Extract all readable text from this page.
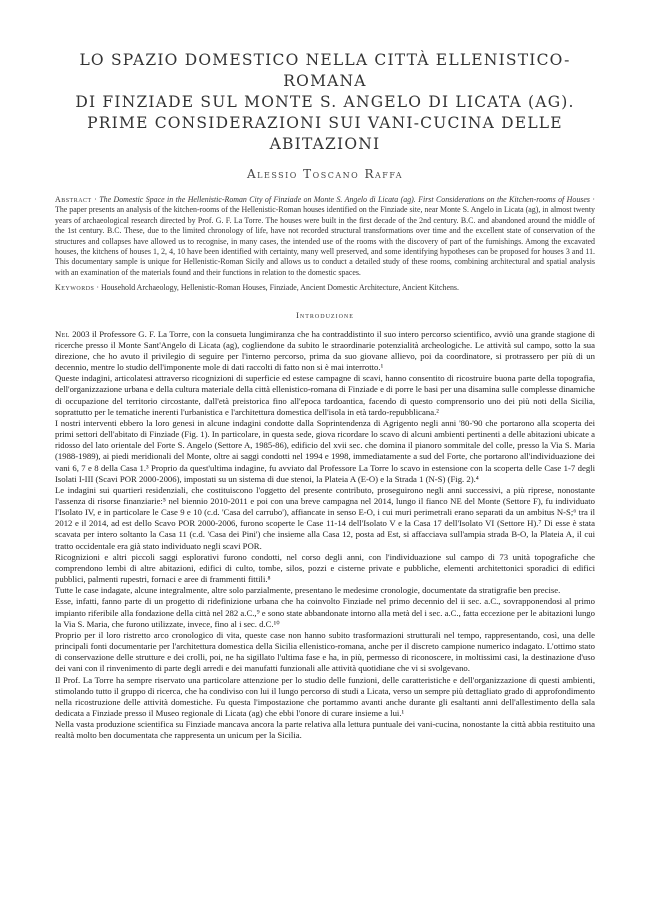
LO SPAZIO DOMESTICO NELLA CITTÀ ELLENISTICO-ROMANA
DI FINZIADE SUL MONTE S. ANGELO DI LICATA (AG).
PRIME CONSIDERAZIONI SUI VANI-CUCINA DELLE ABITAZIONI
Alessio Toscano Raffa
Abstract · The Domestic Space in the Hellenistic-Roman City of Finziade on Monte S. Angelo di Licata (ag). First Considerations on the Kitchen-rooms of Houses · The paper presents an analysis of the kitchen-rooms of the Hellenistic-Roman houses identified on the Finziade site, near Monte S. Angelo in Licata (ag), in almost twenty years of archaeological research directed by Prof. G. F. La Torre. The houses were built in the first decade of the 2nd century. B.C. and abandoned around the middle of the 1st century. B.C. These, due to the limited chronology of life, have not recorded structural transformations over time and the excellent state of conservation of the structures and collapses have allowed us to recognise, in many cases, the intended use of the rooms with the discovery of part of the furnishings. Among the excavated houses, the kitchens of houses 1, 2, 4, 10 have been identified with certainty, many well preserved, and some identifying hypotheses can be proposed for houses 3 and 11. This documentary sample is unique for Hellenistic-Roman Sicily and allows us to conduct a detailed study of these rooms, combining architectural and spatial analysis with an examination of the materials found and their functions in relation to the domestic spaces.
Keywords · Household Archaeology, Hellenistic-Roman Houses, Finziade, Ancient Domestic Architecture, Ancient Kitchens.
Introduzione

Nel 2003 il Professore G. F. La Torre, con la consueta lungimiranza che ha contraddistinto il suo intero percorso scientifico, avviò una grande stagione di ricerche presso il Monte Sant'Angelo di Licata (ag), cogliendone da subito le straordinarie potenzialità archeologiche. Le attività sul campo, sotto la sua direzione, che ho avuto il privilegio di seguire per l'interno percorso, prima da suo giovane allievo, poi da coordinatore, si protrassero per più di un decennio, mentre lo studio dell'imponente mole di dati raccolti di fatto non si è mai interrotto.¹

Queste indagini, articolatesi attraverso ricognizioni di superficie ed estese campagne di scavi, hanno consentito di ricostruire buona parte della topografia, dell'organizzazione urbana e della cultura materiale della città ellenistico-romana di Finziade e di porre le basi per una disamina sulle complesse dinamiche di occupazione del territorio circostante, dall'età preistorica fino all'epoca tardoantica, facendo di questo comprensorio uno dei più noti della Sicilia, soprattutto per le tematiche inerenti l'urbanistica e l'architettura domestica dell'isola in età tardo-repubblicana.²

I nostri interventi ebbero la loro genesi in alcune indagini condotte dalla Soprintendenza di Agrigento negli anni '80-'90 che portarono alla scoperta dei primi settori dell'abitato di Finziade (Fig. 1). In particolare, in questa sede, giova ricordare lo scavo di alcuni ambienti pertinenti a delle abitazioni ubicate a ridosso del lato orientale del Forte S. Angelo (Settore A, 1985-86), edificio del xvii sec. che domina il pianoro sommitale del colle, presso la Via S. Maria (1988-1989), ai piedi meridionali del Monte, oltre ai saggi condotti nel 1994 e 1998, immediatamente a sud del Forte, che portarono all'individuazione dei vani 6, 7 e 8 della Casa 1.³ Proprio da quest'ultima indagine, fu avviato dal Professore La Torre lo scavo in estensione con la scoperta delle Case 1-7 degli Isolati I-III (Scavi POR 2000-2006), impostati su un sistema di due stenoi, la Plateia A (E-O) e la Strada 1 (N-S) (Fig. 2).⁴

Le indagini sui quartieri residenziali, che costituiscono l'oggetto del presente contributo, proseguirono negli anni successivi, a più riprese, nonostante l'assenza di risorse finanziarie:⁵ nel biennio 2010-2011 e poi con una breve campagna nel 2014, lungo il fianco NE del Monte (Settore F), fu individuato l'Isolato IV, e in particolare le Case 9 e 10 (c.d. 'Casa del carrubo'), affiancate in senso E-O, i cui muri perimetrali erano separati da un ambitus N-S;⁶ tra il 2012 e il 2014, ad est dello Scavo POR 2000-2006, furono scoperte le Case 11-14 dell'Isolato V e la Casa 17 dell'Isolato VI (Settore H).⁷ Di esse è stata scavata per intero soltanto la Casa 11 (c.d. 'Casa dei Pini') che insieme alla Casa 12, posta ad Est, si affacciava sull'ampia strada B-O, la Plateia A, il cui tratto occidentale era già stato individuato negli scavi POR.

Ricognizioni e altri piccoli saggi esplorativi furono condotti, nel corso degli anni, con l'individuazione sul campo di 73 unità topografiche che comprendono lembi di altre abitazioni, edifici di culto, tombe, silos, pozzi e cisterne private e pubbliche, elementi architettonici sporadici di edifici pubblici, palmenti rupestri, fornaci e aree di frammenti fittili.⁸

Tutte le case indagate, alcune integralmente, altre solo parzialmente, presentano le medesime cronologie, documentate da stratigrafie ben precise.

Esse, infatti, fanno parte di un progetto di ridefinizione urbana che ha coinvolto Finziade nel primo decennio del ii sec. a.C., sovrapponendosi al primo impianto riferibile alla fondazione della città nel 282 a.C.,⁹ e sono state abbandonate intorno alla metà del i sec. a.C., fatta eccezione per le abitazioni lungo la Via S. Maria, che furono utilizzate, invece, fino al i sec. d.C.¹⁰

Proprio per il loro ristretto arco cronologico di vita, queste case non hanno subito trasformazioni strutturali nel tempo, rappresentando, così, una delle principali fonti documentarie per l'architettura domestica della Sicilia ellenistico-romana, anche per il discreto campione numerico indagato. L'ottimo stato di conservazione delle strutture e dei crolli, poi, ne ha sigillato l'ultima fase e ha, in più, permesso di riconoscere, in moltissimi casi, la destinazione d'uso dei vani con il rinvenimento di parte degli arredi e dei manufatti funzionali alle attività quotidiane che vi si svolgevano.

Il Prof. La Torre ha sempre riservato una particolare attenzione per lo studio delle funzioni, delle caratteristiche e dell'organizzazione di questi ambienti, stimolando tutto il gruppo di ricerca, che ha condiviso con lui il lungo percorso di studi a Licata, verso un sempre più dettagliato grado di approfondimento nella ricostruzione delle attività domestiche. Fu questa l'impostazione che portammo avanti anche durante gli esaltanti anni dell'allestimento della sala dedicata a Finziade presso il Museo regionale di Licata (ag) che ebbi l'onore di curare insieme a lui.¹

Nella vasta produzione scientifica su Finziade mancava ancora la parte relativa alla lettura puntuale dei vani-cucina, nonostante la città abbia restituito una realtà molto ben documentata che rappresenta un unicum per la Sicilia.
